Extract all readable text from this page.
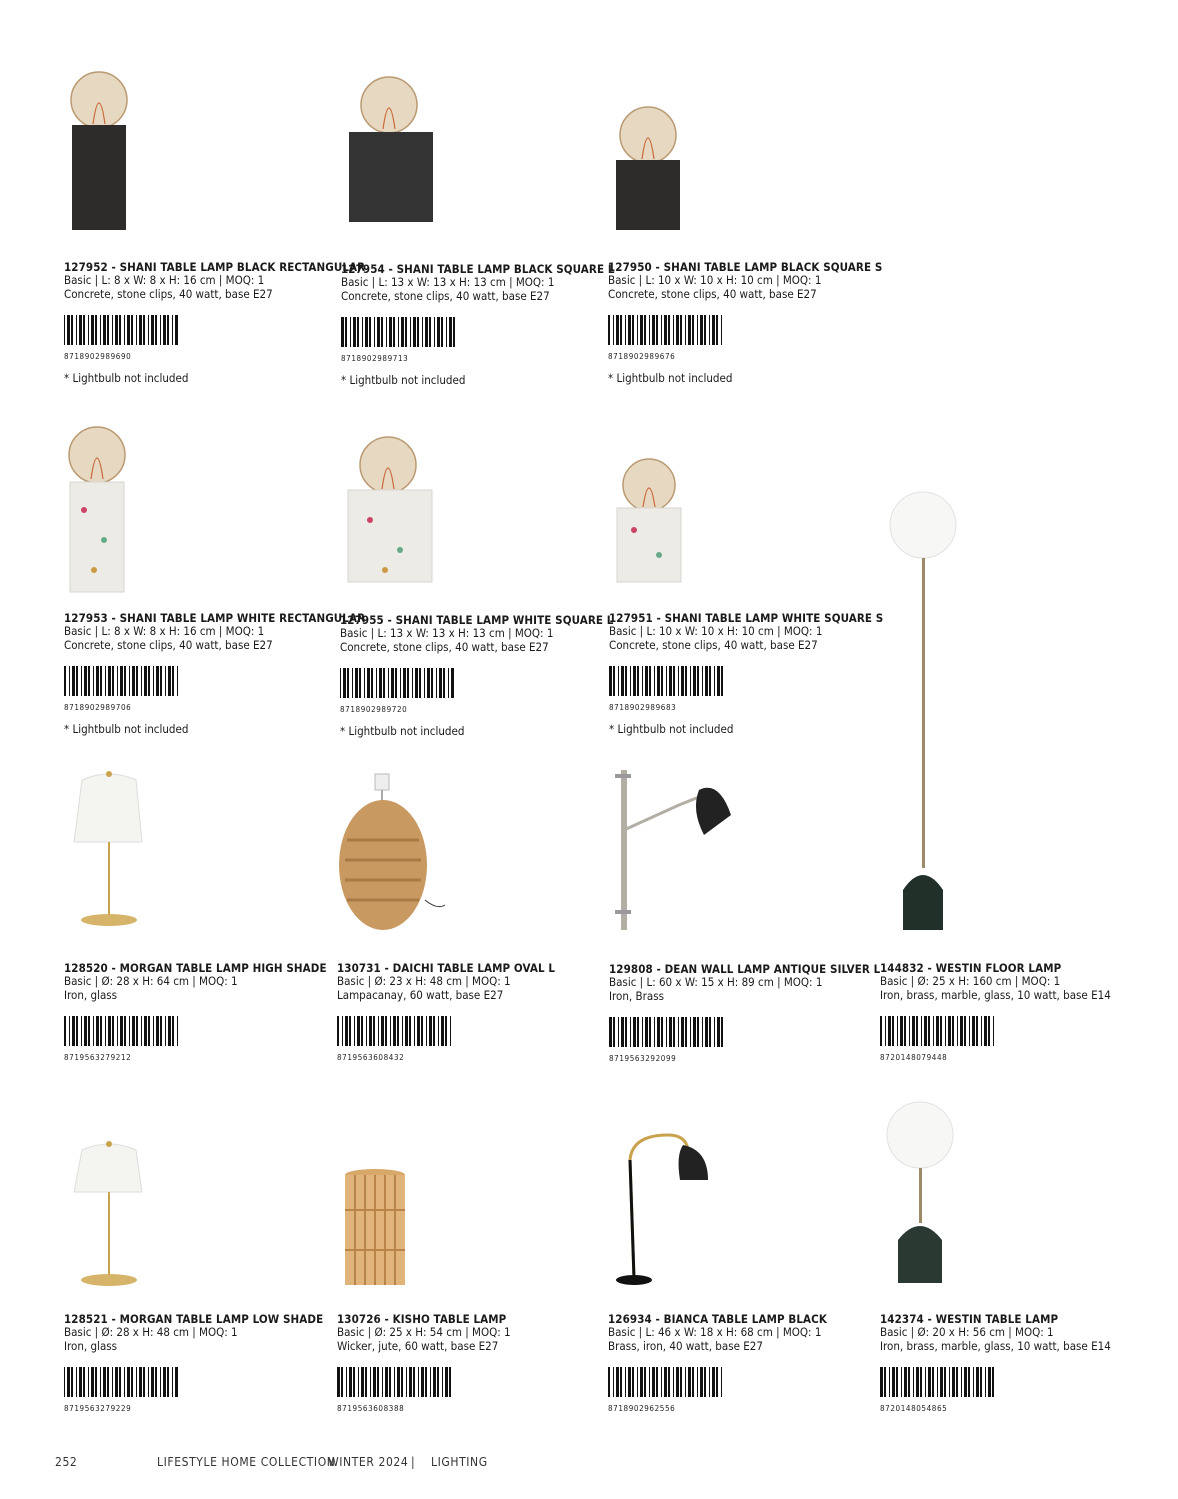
127952 - SHANI TABLE LAMP BLACK RECTANGULAR
Basic | L: 8 x W: 8 x H: 16 cm | MOQ: 1
Concrete, stone clips, 40 watt, base E27
8718902989690
* Lightbulb not included
127954 - SHANI TABLE LAMP BLACK SQUARE L
Basic | L: 13 x W: 13 x H: 13 cm | MOQ: 1
Concrete, stone clips, 40 watt, base E27
8718902989713
* Lightbulb not included
127950 - SHANI TABLE LAMP BLACK SQUARE S
Basic | L: 10 x W: 10 x H: 10 cm | MOQ: 1
Concrete, stone clips, 40 watt, base E27
8718902989676
* Lightbulb not included
127953 - SHANI TABLE LAMP WHITE RECTANGULAR
Basic | L: 8 x W: 8 x H: 16 cm | MOQ: 1
Concrete, stone clips, 40 watt, base E27
8718902989706
* Lightbulb not included
127955 - SHANI TABLE LAMP WHITE SQUARE L
Basic | L: 13 x W: 13 x H: 13 cm | MOQ: 1
Concrete, stone clips, 40 watt, base E27
8718902989720
* Lightbulb not included
127951 - SHANI TABLE LAMP WHITE SQUARE S
Basic | L: 10 x W: 10 x H: 10 cm | MOQ: 1
Concrete, stone clips, 40 watt, base E27
8718902989683
* Lightbulb not included
128520 - MORGAN TABLE LAMP HIGH SHADE
Basic | Ø: 28 x H: 64 cm | MOQ: 1
Iron, glass
8719563279212
130731 - DAICHI TABLE LAMP OVAL L
Basic | Ø: 23 x H: 48 cm | MOQ: 1
Lampacanay, 60 watt, base E27
8719563608432
129808 - DEAN WALL LAMP ANTIQUE SILVER L
Basic | L: 60 x W: 15 x H: 89 cm | MOQ: 1
Iron, Brass
8719563292099
144832 - WESTIN FLOOR LAMP
Basic | Ø: 25 x H: 160 cm | MOQ: 1
Iron, brass, marble, glass, 10 watt, base E14
8720148079448
128521 - MORGAN TABLE LAMP LOW SHADE
Basic | Ø: 28 x H: 48 cm | MOQ: 1
Iron, glass
8719563279229
130726 - KISHO TABLE LAMP
Basic | Ø: 25 x H: 54 cm | MOQ: 1
Wicker, jute, 60 watt, base E27
8719563608388
126934 - BIANCA TABLE LAMP BLACK
Basic | L: 46 x W: 18 x H: 68 cm | MOQ: 1
Brass, iron, 40 watt, base E27
8718902962556
142374 - WESTIN TABLE LAMP
Basic | Ø: 20 x H: 56 cm | MOQ: 1
Iron, brass, marble, glass, 10 watt, base E14
8720148054865
252	LIFESTYLE HOME COLLECTION
WINTER 2024 | LIGHTING
